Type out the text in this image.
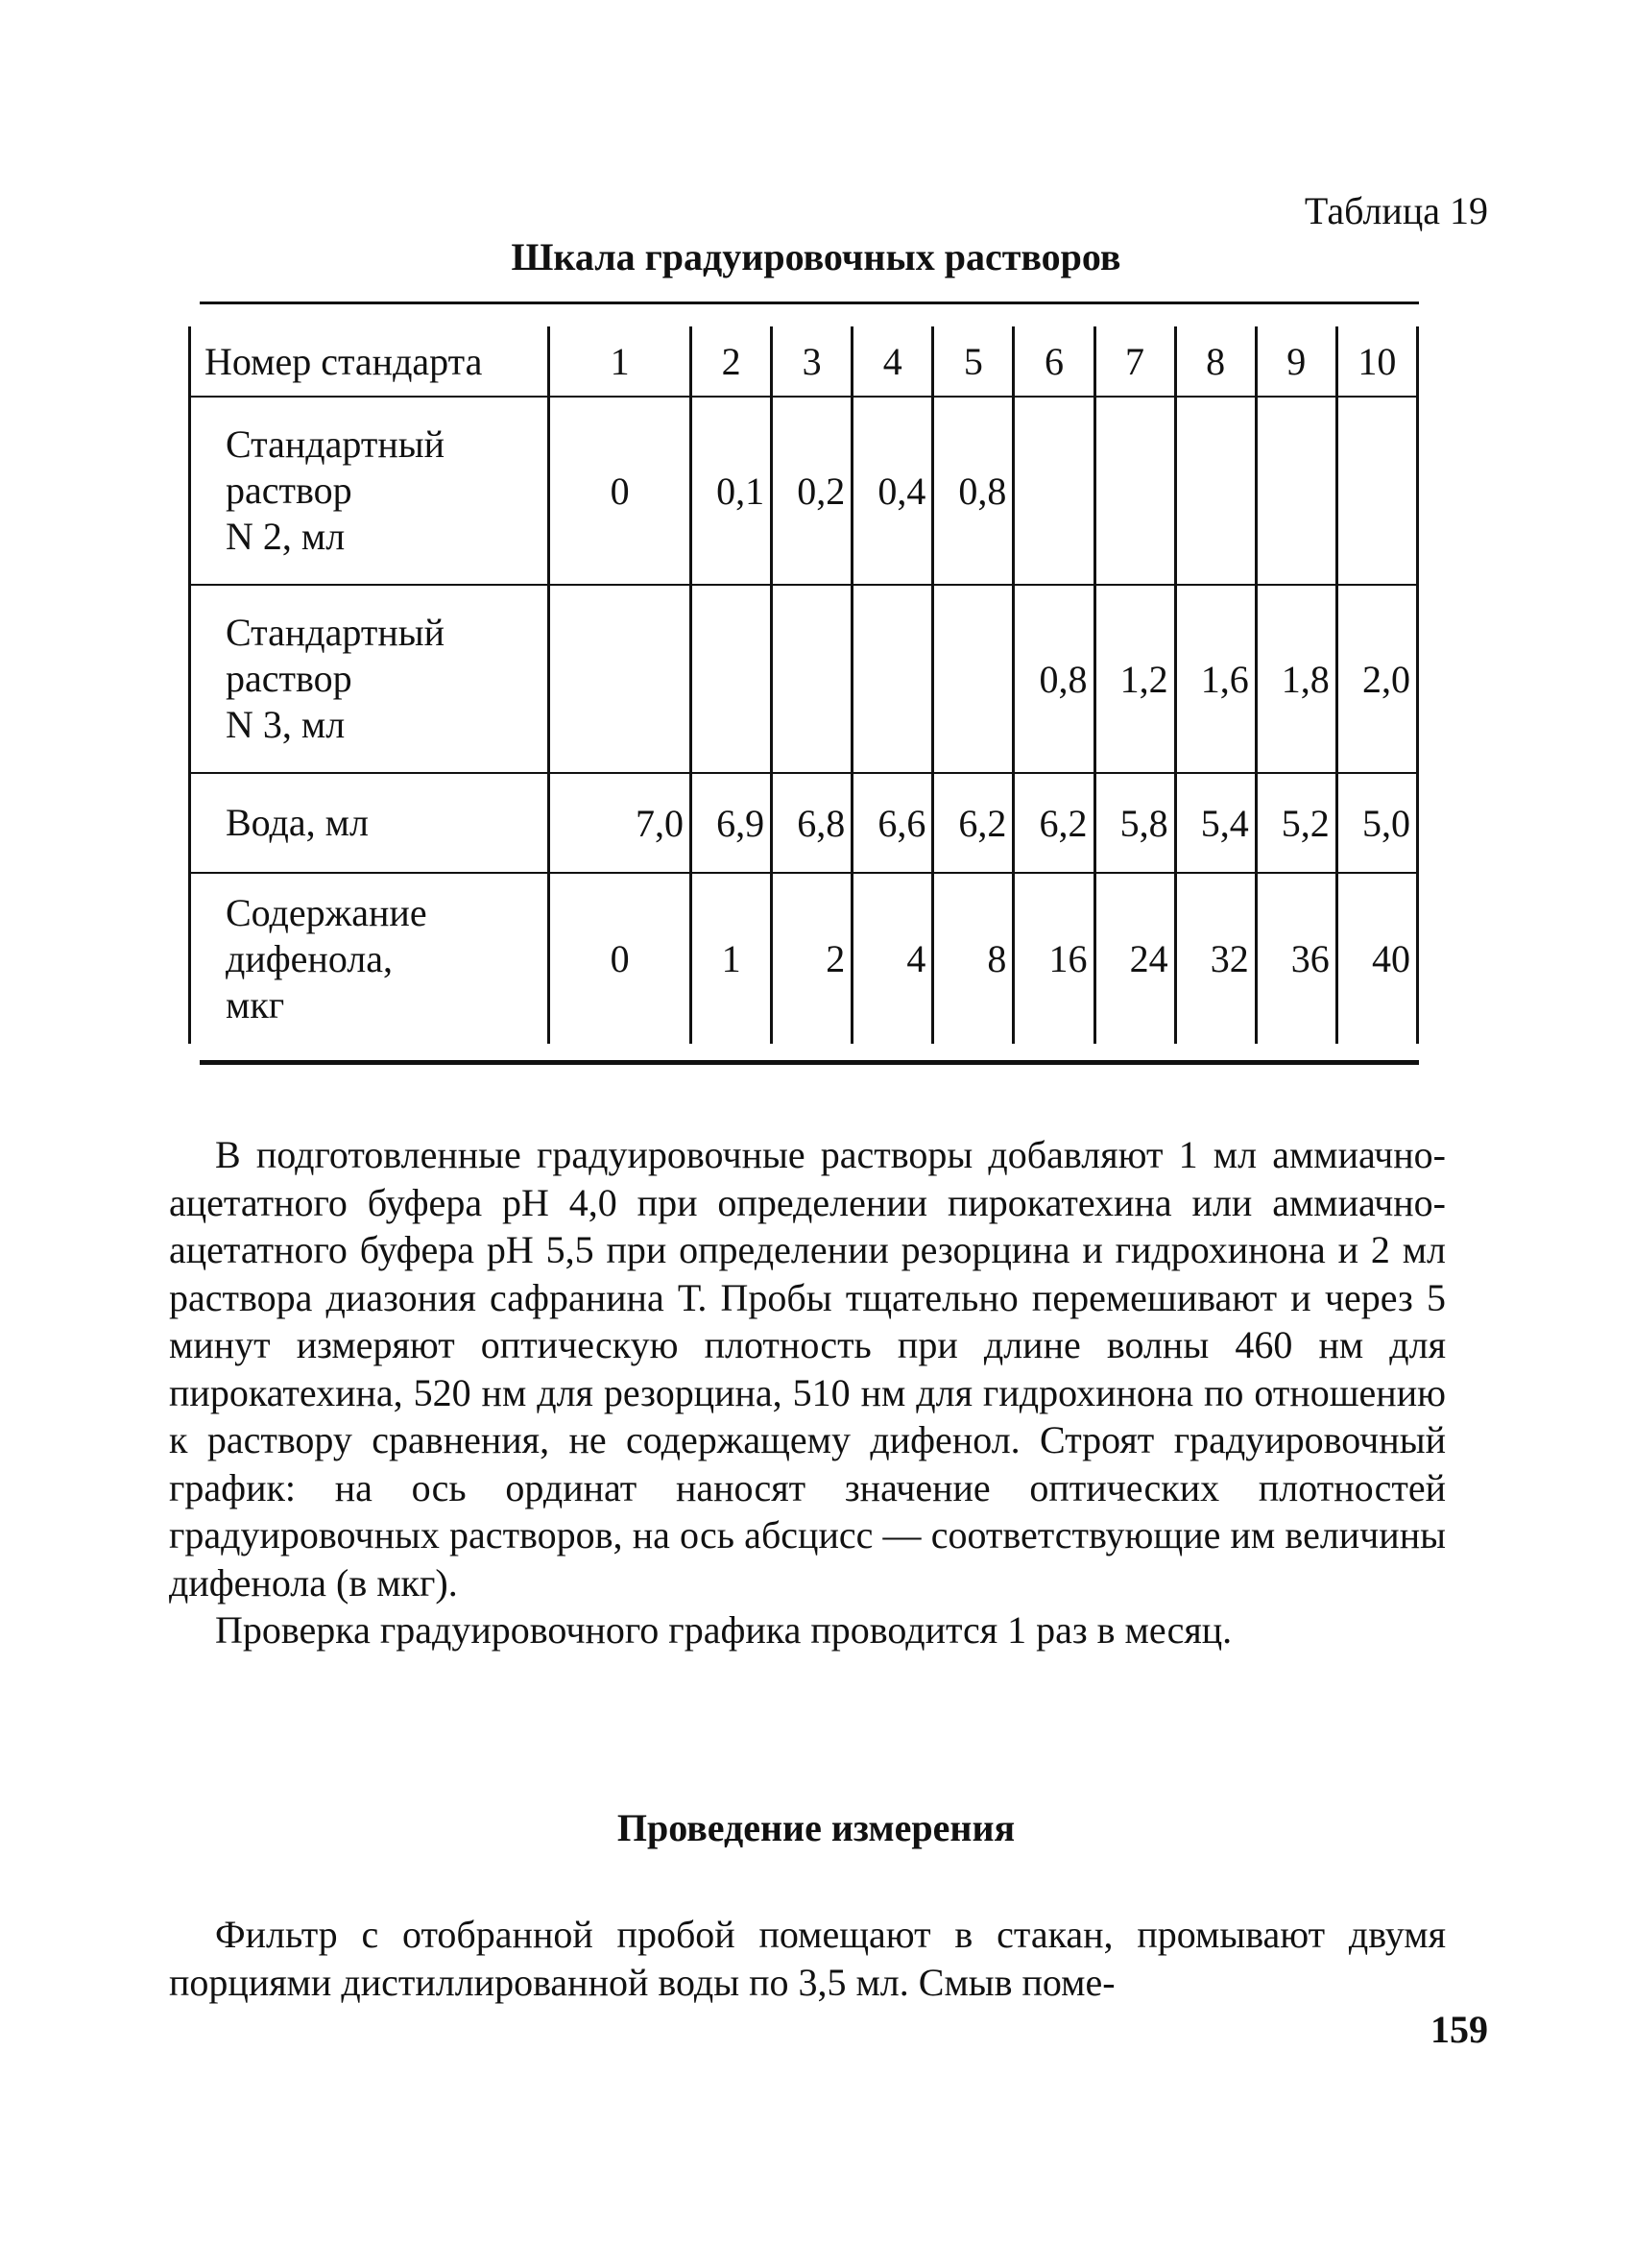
Таблица 19
Шкала градуировочных растворов
Номер стандарта	1	2	3	4	5	6	7	8	9	10

Стандартный
раствор
N 2, мл	0	0,1	0,2	0,4	0,8					

Стандартный
раствор
N 3, мл						0,8	1,2	1,6	1,8	2,0

Вода, мл	7,0	6,9	6,8	6,6	6,2	6,2	5,8	5,4	5,2	5,0

Содержание
дифенола,
мкг	0	1	2	4	8	16	24	32	36	40

В подготовленные градуировочные растворы добавляют 1 мл аммиачно-ацетатного буфера рН 4,0 при определении пирокатехина или аммиачно-ацетатного буфера рН 5,5 при определении резорцина и гидрохинона и 2 мл раствора диазония сафранина Т. Пробы тщательно перемешивают и через 5 минут измеряют оптическую плотность при длине волны 460 нм для пирокатехина, 520 нм для резорцина, 510 нм для гидрохинона по отношению к раствору сравнения, не содержащему дифенол. Строят градуировочный график: на ось ординат наносят значение оптических плотностей градуировочных растворов, на ось абсцисс — соответствующие им величины дифенола (в мкг).

Проверка градуировочного графика проводится 1 раз в месяц.

Проведение измерения

Фильтр с отобранной пробой помещают в стакан, промывают двумя порциями дистиллированной воды по 3,5 мл. Смыв поме-

159
